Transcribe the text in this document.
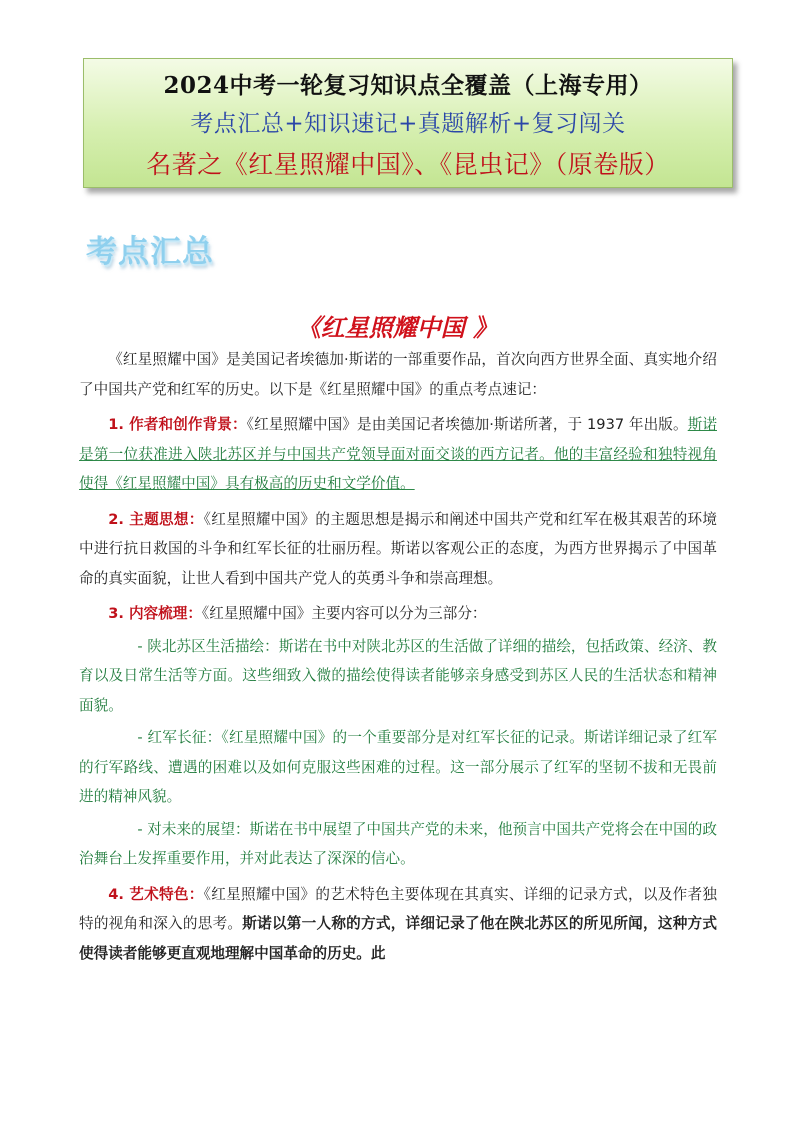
2024中考一轮复习知识点全覆盖（上海专用）
考点汇总+知识速记+真题解析+复习闯关
名著之《红星照耀中国》、《昆虫记》（原卷版）
考点汇总
《红星照耀中国 》

《红星照耀中国》是美国记者埃德加·斯诺的一部重要作品，首次向西方世界全面、真实地介绍了中国共产党和红军的历史。以下是《红星照耀中国》的重点考点速记：

1. 作者和创作背景：《红星照耀中国》是由美国记者埃德加·斯诺所著，于 1937 年出版。斯诺是第一位获准进入陕北苏区并与中国共产党领导面对面交谈的西方记者。他的丰富经验和独特视角使得《红星照耀中国》具有极高的历史和文学价值。

2. 主题思想：《红星照耀中国》的主题思想是揭示和阐述中国共产党和红军在极其艰苦的环境中进行抗日救国的斗争和红军长征的壮丽历程。斯诺以客观公正的态度，为西方世界揭示了中国革命的真实面貌，让世人看到中国共产党人的英勇斗争和崇高理想。

3. 内容梳理：《红星照耀中国》主要内容可以分为三部分：

- 陕北苏区生活描绘：斯诺在书中对陕北苏区的生活做了详细的描绘，包括政策、经济、教育以及日常生活等方面。这些细致入微的描绘使得读者能够亲身感受到苏区人民的生活状态和精神面貌。

- 红军长征：《红星照耀中国》的一个重要部分是对红军长征的记录。斯诺详细记录了红军的行军路线、遭遇的困难以及如何克服这些困难的过程。这一部分展示了红军的坚韧不拔和无畏前进的精神风貌。

- 对未来的展望：斯诺在书中展望了中国共产党的未来，他预言中国共产党将会在中国的政治舞台上发挥重要作用，并对此表达了深深的信心。

4. 艺术特色：《红星照耀中国》的艺术特色主要体现在其真实、详细的记录方式，以及作者独特的视角和深入的思考。斯诺以第一人称的方式，详细记录了他在陕北苏区的所见所闻，这种方式使得读者能够更直观地理解中国革命的历史。此
